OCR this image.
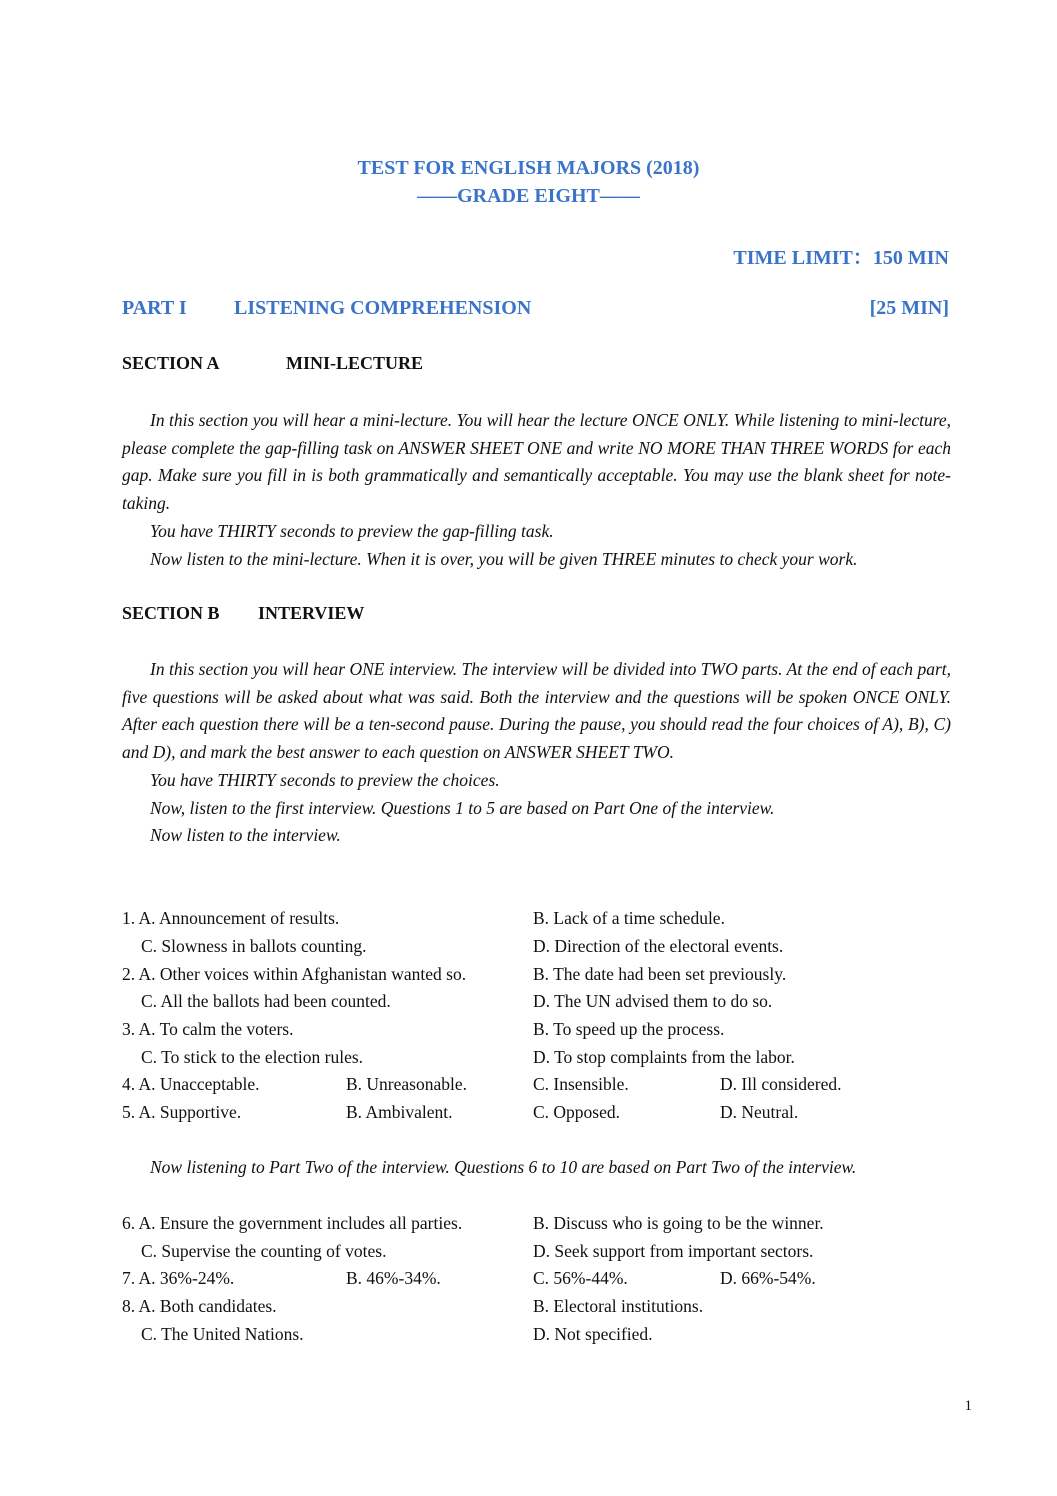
TEST FOR ENGLISH MAJORS (2018)
——GRADE EIGHT——
TIME LIMIT：150 MIN
PART I LISTENING COMPREHENSION	[25 MIN]
SECTION A	MINI-LECTURE

In this section you will hear a mini-lecture. You will hear the lecture ONCE ONLY. While listening to mini-lecture, please complete the gap-filling task on ANSWER SHEET ONE and write NO MORE THAN THREE WORDS for each gap. Make sure you fill in is both grammatically and semantically acceptable. You may use the blank sheet for note-taking.

You have THIRTY seconds to preview the gap-filling task.

Now listen to the mini-lecture. When it is over, you will be given THREE minutes to check your work.

SECTION B INTERVIEW

In this section you will hear ONE interview. The interview will be divided into TWO parts. At the end of each part, five questions will be asked about what was said. Both the interview and the questions will be spoken ONCE ONLY. After each question there will be a ten-second pause. During the pause, you should read the four choices of A), B), C) and D), and mark the best answer to each question on ANSWER SHEET TWO.

You have THIRTY seconds to preview the choices.

Now, listen to the first interview. Questions 1 to 5 are based on Part One of the interview.

Now listen to the interview.

1. A. Announcement of results.	B. Lack of a time schedule.
C. Slowness in ballots counting.	D. Direction of the electoral events.
2. A. Other voices within Afghanistan wanted so.	B. The date had been set previously.
C. All the ballots had been counted.	D. The UN advised them to do so.
3. A. To calm the voters.	B. To speed up the process.
C. To stick to the election rules.	D. To stop complaints from the labor.
4. A. Unacceptable.	B. Unreasonable.	C. Insensible.	D. Ill considered.
5. A. Supportive.	B. Ambivalent.	C. Opposed.	D. Neutral.
Now listening to Part Two of the interview. Questions 6 to 10 are based on Part Two of the interview.
6. A. Ensure the government includes all parties.	B. Discuss who is going to be the winner.
C. Supervise the counting of votes.	D. Seek support from important sectors.
7. A. 36%-24%.	B. 46%-34%.	C. 56%-44%.	D. 66%-54%.
8. A. Both candidates.	B. Electoral institutions.
C. The United Nations.	D. Not specified.
1
